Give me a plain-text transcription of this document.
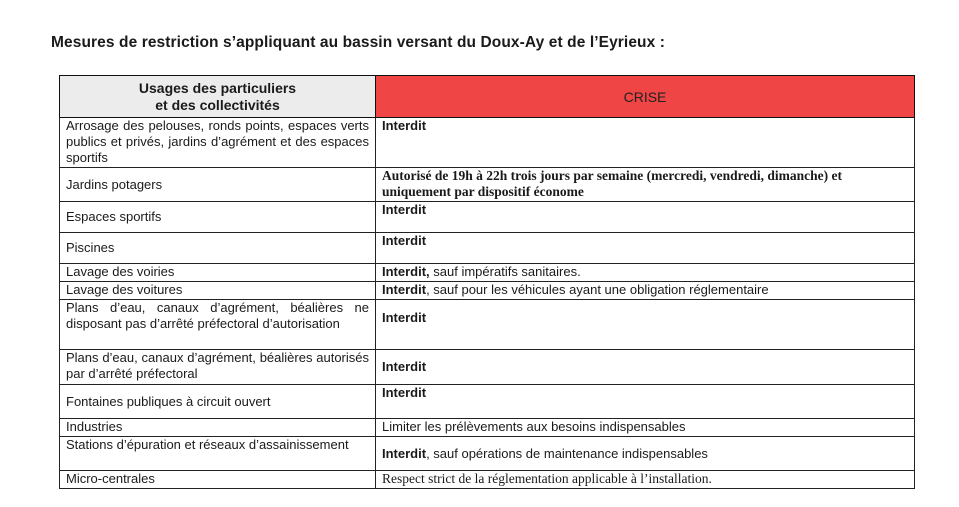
Mesures de restriction s’appliquant au bassin versant du Doux-Ay et de l’Eyrieux :
Usages des particuliers
et des collectivités	CRISE
Arrosage des pelouses, ronds points, espaces verts publics et privés, jardins d’agrément et des espaces sportifs	Interdit
Jardins potagers	Autorisé de 19h à 22h trois jours par semaine (mercredi, vendredi, dimanche) et uniquement par dispositif économe
Espaces sportifs	Interdit
Piscines	Interdit
Lavage des voiries	Interdit, sauf impératifs sanitaires.
Lavage des voitures	Interdit, sauf pour les véhicules ayant une obligation réglementaire
Plans d’eau, canaux d’agrément, béalières ne disposant pas d’arrêté préfectoral d’autorisation	Interdit
Plans d’eau, canaux d’agrément, béalières autorisés par d’arrêté préfectoral	Interdit
Fontaines publiques à circuit ouvert	Interdit
Industries	Limiter les prélèvements aux besoins indispensables
Stations d’épuration et réseaux d’assainissement	Interdit, sauf opérations de maintenance indispensables
Micro-centrales	Respect strict de la réglementation applicable à l’installation.
